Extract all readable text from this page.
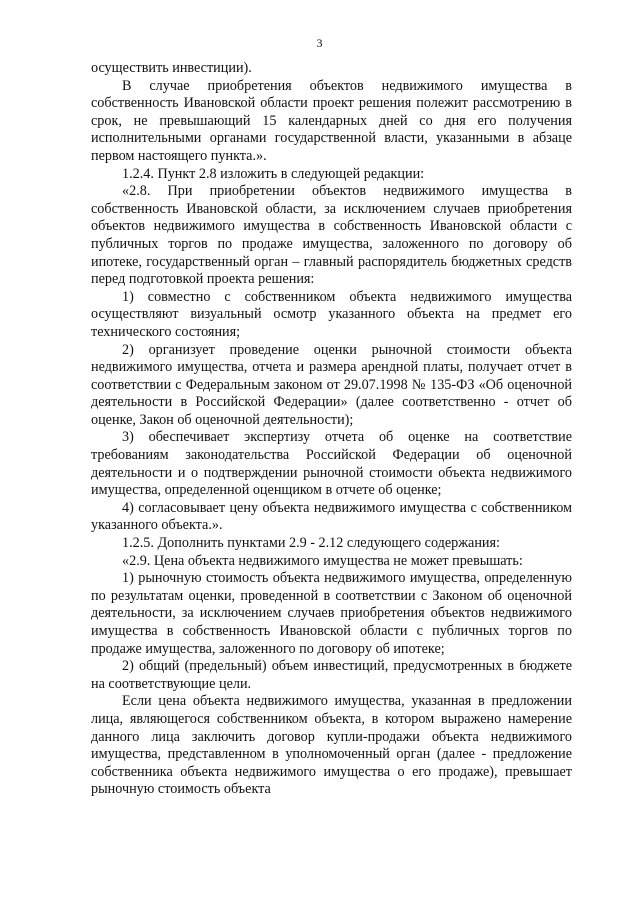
3

осуществить инвестиции).

В случае приобретения объектов недвижимого имущества в собственность Ивановской области проект решения полежит рассмотрению в срок, не превышающий 15 календарных дней со дня его получения исполнительными органами государственной власти, указанными в абзаце первом настоящего пункта.».

1.2.4. Пункт 2.8 изложить в следующей редакции:

«2.8. При приобретении объектов недвижимого имущества в собственность Ивановской области, за исключением случаев приобретения объектов недвижимого имущества в собственность Ивановской области с публичных торгов по продаже имущества, заложенного по договору об ипотеке, государственный орган – главный распорядитель бюджетных средств перед подготовкой проекта решения:

1) совместно с собственником объекта недвижимого имущества осуществляют визуальный осмотр указанного объекта на предмет его технического состояния;

2) организует проведение оценки рыночной стоимости объекта недвижимого имущества, отчета и размера арендной платы, получает отчет в соответствии с Федеральным законом от 29.07.1998 № 135-ФЗ «Об оценочной деятельности в Российской Федерации» (далее соответственно - отчет об оценке, Закон об оценочной деятельности);

3) обеспечивает экспертизу отчета об оценке на соответствие требованиям законодательства Российской Федерации об оценочной деятельности и о подтверждении рыночной стоимости объекта недвижимого имущества, определенной оценщиком в отчете об оценке;

4) согласовывает цену объекта недвижимого имущества с собственником указанного объекта.».

1.2.5. Дополнить пунктами 2.9 - 2.12 следующего содержания:

«2.9. Цена объекта недвижимого имущества не может превышать:

1) рыночную стоимость объекта недвижимого имущества, определенную по результатам оценки, проведенной в соответствии с Законом об оценочной деятельности, за исключением случаев приобретения объектов недвижимого имущества в собственность Ивановской области с публичных торгов по продаже имущества, заложенного по договору об ипотеке;

2) общий (предельный) объем инвестиций, предусмотренных в бюджете на соответствующие цели.

Если цена объекта недвижимого имущества, указанная в предложении лица, являющегося собственником объекта, в котором выражено намерение данного лица заключить договор купли-продажи объекта недвижимого имущества, представленном в уполномоченный орган (далее - предложение собственника объекта недвижимого имущества о его продаже), превышает рыночную стоимость объекта
